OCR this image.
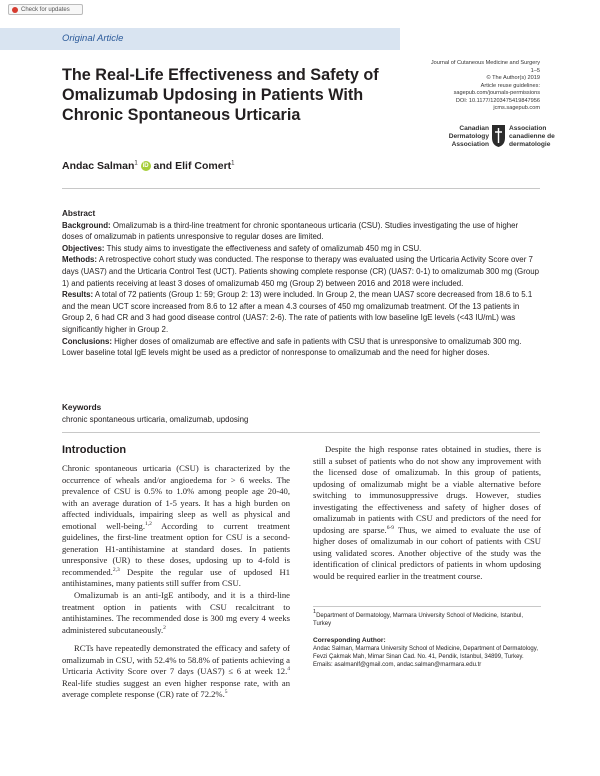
Check for updates
Original Article
The Real-Life Effectiveness and Safety of Omalizumab Updosing in Patients With Chronic Spontaneous Urticaria
Journal of Cutaneous Medicine and Surgery
1–5
© The Author(s) 2019
Article reuse guidelines:
sagepub.com/journals-permissions
DOI: 10.1177/1203475419847956
jcms.sagepub.com
Canadian
Dermatology
Association
Association
canadienne de
dermatologie
Andac Salman$^1$ iD and Elif Comert$^1$

Abstract

Background: Omalizumab is a third-line treatment for chronic spontaneous urticaria (CSU). Studies investigating the use of higher doses of omalizumab in patients unresponsive to regular doses are limited.

Objectives: This study aims to investigate the effectiveness and safety of omalizumab 450 mg in CSU.

Methods: A retrospective cohort study was conducted. The response to therapy was evaluated using the Urticaria Activity Score over 7 days (UAS7) and the Urticaria Control Test (UCT). Patients showing complete response (CR) (UAS7: 0-1) to omalizumab 300 mg (Group 1) and patients receiving at least 3 doses of omalizumab 450 mg (Group 2) between 2016 and 2018 were included.

Results: A total of 72 patients (Group 1: 59; Group 2: 13) were included. In Group 2, the mean UAS7 score decreased from 18.6 to 5.1 and the mean UCT score increased from 8.6 to 12 after a mean 4.3 courses of 450 mg omalizumab treatment. Of the 13 patients in Group 2, 6 had CR and 3 had good disease control (UAS7: 2-6). The rate of patients with low baseline IgE levels (<43 IU/mL) was significantly higher in Group 2.

Conclusions: Higher doses of omalizumab are effective and safe in patients with CSU that is unresponsive to omalizumab 300 mg. Lower baseline total IgE levels might be used as a predictor of nonresponse to omalizumab and the need for higher doses.

Keywords
chronic spontaneous urticaria, omalizumab, updosing
Introduction

Chronic spontaneous urticaria (CSU) is characterized by the occurrence of wheals and/or angioedema for > 6 weeks. The prevalence of CSU is 0.5% to 1.0% among people age 20-40, with an average duration of 1-5 years. It has a high burden on affected individuals, impairing sleep as well as physical and emotional well-being.$^{1,2}$ According to current treatment guidelines, the first-line treatment option for CSU is a second-generation H1-antihistamine at standard doses. In patients unresponsive (UR) to these doses, updosing up to 4-fold is recommended.$^{2,3}$ Despite the regular use of updosed H1 antihistamines, many patients still suffer from CSU.

Omalizumab is an anti-IgE antibody, and it is a third-line treatment option in patients with CSU recalcitrant to antihistamines. The recommended dose is 300 mg every 4 weeks administered subcutaneously.$^2$

RCTs have repeatedly demonstrated the efficacy and safety of omalizumab in CSU, with 52.4% to 58.8% of patients achieving a Urticaria Activity Score over 7 days (UAS7) ≤ 6 at week 12.$^4$ Real-life studies suggest an even higher response rate, with an average complete response (CR) rate of 72.2%.$^5$

Despite the high response rates obtained in studies, there is still a subset of patients who do not show any improvement with the licensed dose of omalizumab. In this group of patients, updosing of omalizumab might be a viable alternative before switching to immunosuppressive drugs. However, studies investigating the effectiveness and safety of higher doses of omalizumab in patients with CSU and predictors of the need for updosing are sparse.$^{6-9}$ Thus, we aimed to evaluate the use of higher doses of omalizumab in our cohort of patients with CSU using validated scores. Another objective of the study was the identification of clinical predictors of patients in whom updosing would be required earlier in the treatment course.

1Department of Dermatology, Marmara University School of Medicine, Istanbul, Turkey

Corresponding Author:

Andac Salman, Marmara University School of Medicine, Department of Dermatology, Fevzi Çakmak Mah, Mimar Sinan Cad. No. 41, Pendik, Istanbul, 34899, Turkey.

Emails: asalmanlf@gmail.com, andac.salman@marmara.edu.tr
